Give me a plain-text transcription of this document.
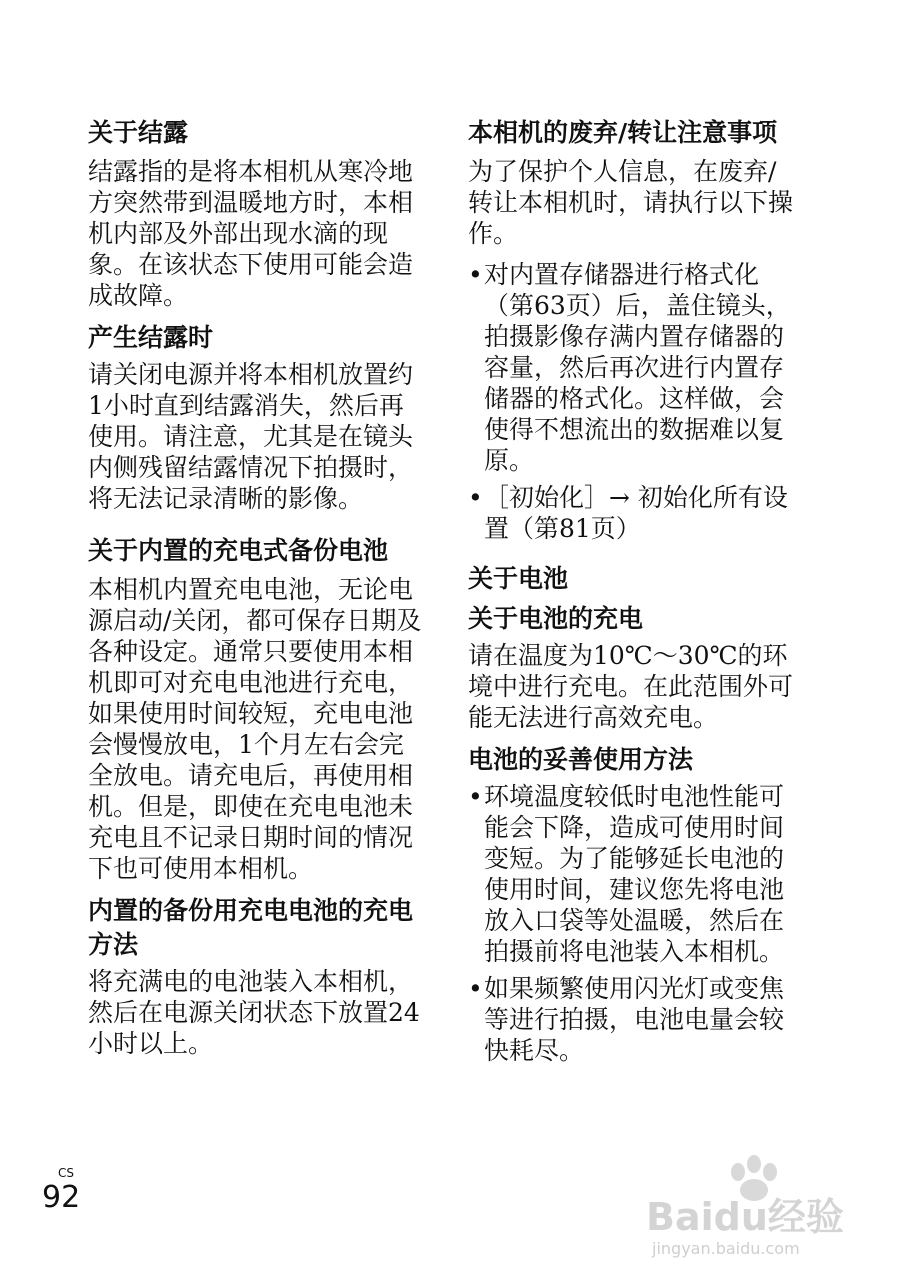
关于结露

结露指的是将本相机从寒冷地方突然带到温暖地方时，本相机内部及外部出现水滴的现象。在该状态下使用可能会造成故障。

产生结露时

请关闭电源并将本相机放置约1小时直到结露消失，然后再使用。请注意，尤其是在镜头内侧残留结露情况下拍摄时，将无法记录清晰的影像。

关于内置的充电式备份电池

本相机内置充电电池，无论电源启动/关闭，都可保存日期及各种设定。通常只要使用本相机即可对充电电池进行充电，如果使用时间较短，充电电池会慢慢放电，1个月左右会完全放电。请充电后，再使用相机。但是，即使在充电电池未充电且不记录日期时间的情况下也可使用本相机。

内置的备份用充电电池的充电方法

将充满电的电池装入本相机，然后在电源关闭状态下放置24小时以上。

本相机的废弃/转让注意事项

为了保护个人信息，在废弃/转让本相机时，请执行以下操作。

• 对内置存储器进行格式化（第63页）后，盖住镜头，拍摄影像存满内置存储器的容量，然后再次进行内置存储器的格式化。这样做，会使得不想流出的数据难以复原。
• ［初始化］→ 初始化所有设置（第81页）
关于电池
关于电池的充电

请在温度为10℃～30℃的环境中进行充电。在此范围外可能无法进行高效充电。

电池的妥善使用方法
• 环境温度较低时电池性能可能会下降，造成可使用时间变短。为了能够延长电池的使用时间，建议您先将电池放入口袋等处温暖，然后在拍摄前将电池装入本相机。
• 如果频繁使用闪光灯或变焦等进行拍摄，电池电量会较快耗尽。
CS
92	Baidu经验
jingyan.baidu.com
